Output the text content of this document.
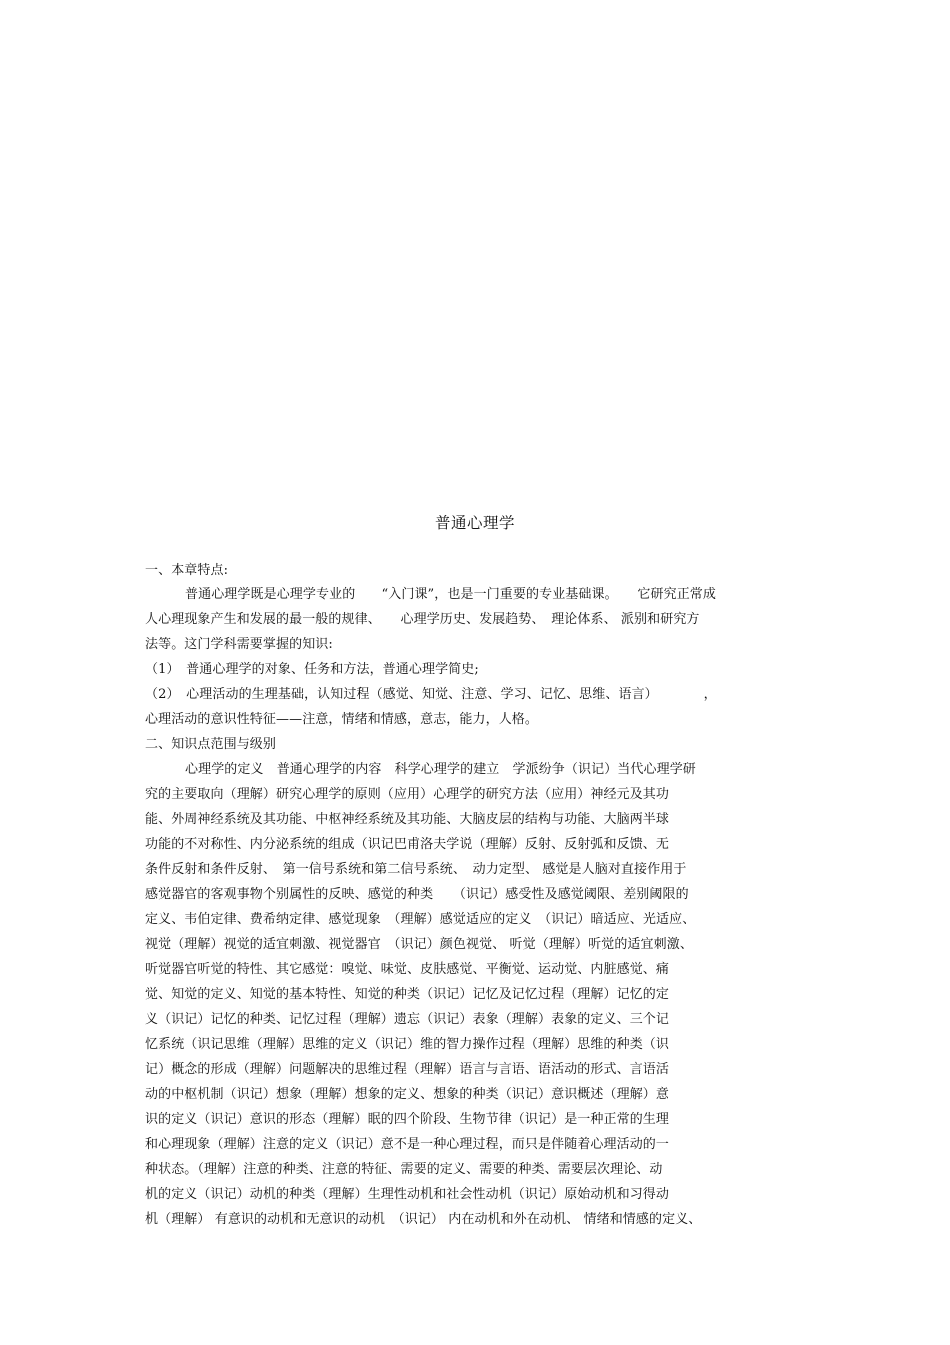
普通心理学
一、本章特点:
普通心理学既是心理学专业的　　“入门课”，也是一门重要的专业基础课。　　它研究正常成
人心理现象产生和发展的最一般的规律、　　心理学历史、发展趋势、　理论体系、 派别和研究方
法等。这门学科需要掌握的知识:
（1）　普通心理学的对象、任务和方法，普通心理学简史;
（2）　心理活动的生理基础，认知过程（感觉、知觉、注意、学习、记忆、思维、语言）　　　　，
心理活动的意识性特征——注意，情绪和情感，意志，能力，人格。
二、知识点范围与级别
心理学的定义　普通心理学的内容　科学心理学的建立　学派纷争（识记）当代心理学研
究的主要取向（理解）研究心理学的原则（应用）心理学的研究方法（应用）神经元及其功
能、外周神经系统及其功能、中枢神经系统及其功能、大脑皮层的结构与功能、大脑两半球
功能的不对称性、内分泌系统的组成（识记巴甫洛夫学说（理解）反射、反射弧和反馈、无
条件反射和条件反射、　第一信号系统和第二信号系统、　动力定型、 感觉是人脑对直接作用于
感觉器官的客观事物个别属性的反映、感觉的种类　　（识记）感受性及感觉阈限、差别阈限的
定义、韦伯定律、费希纳定律、感觉现象　（理解）感觉适应的定义　（识记）暗适应、光适应、
视觉（理解）视觉的适宜刺激、视觉器官　（识记）颜色视觉、 听觉（理解）听觉的适宜刺激、
听觉器官听觉的特性、其它感觉：嗅觉、味觉、皮肤感觉、平衡觉、运动觉、内脏感觉、痛
觉、知觉的定义、知觉的基本特性、知觉的种类（识记）记忆及记忆过程（理解）记忆的定
义（识记）记忆的种类、记忆过程（理解）遗忘（识记）表象（理解）表象的定义、三个记
忆系统（识记思维（理解）思维的定义（识记）维的智力操作过程（理解）思维的种类（识
记）概念的形成（理解）问题解决的思维过程（理解）语言与言语、语活动的形式、言语活
动的中枢机制（识记）想象（理解）想象的定义、想象的种类（识记）意识概述（理解）意
识的定义（识记）意识的形态（理解）眠的四个阶段、生物节律（识记）是一种正常的生理
和心理现象（理解）注意的定义（识记）意不是一种心理过程，而只是伴随着心理活动的一
种状态。（理解）注意的种类、注意的特征、需要的定义、需要的种类、需要层次理论、动
机的定义（识记）动机的种类（理解）生理性动机和社会性动机（识记）原始动机和习得动
机（理解） 有意识的动机和无意识的动机　（识记） 内在动机和外在动机、 情绪和情感的定义、
